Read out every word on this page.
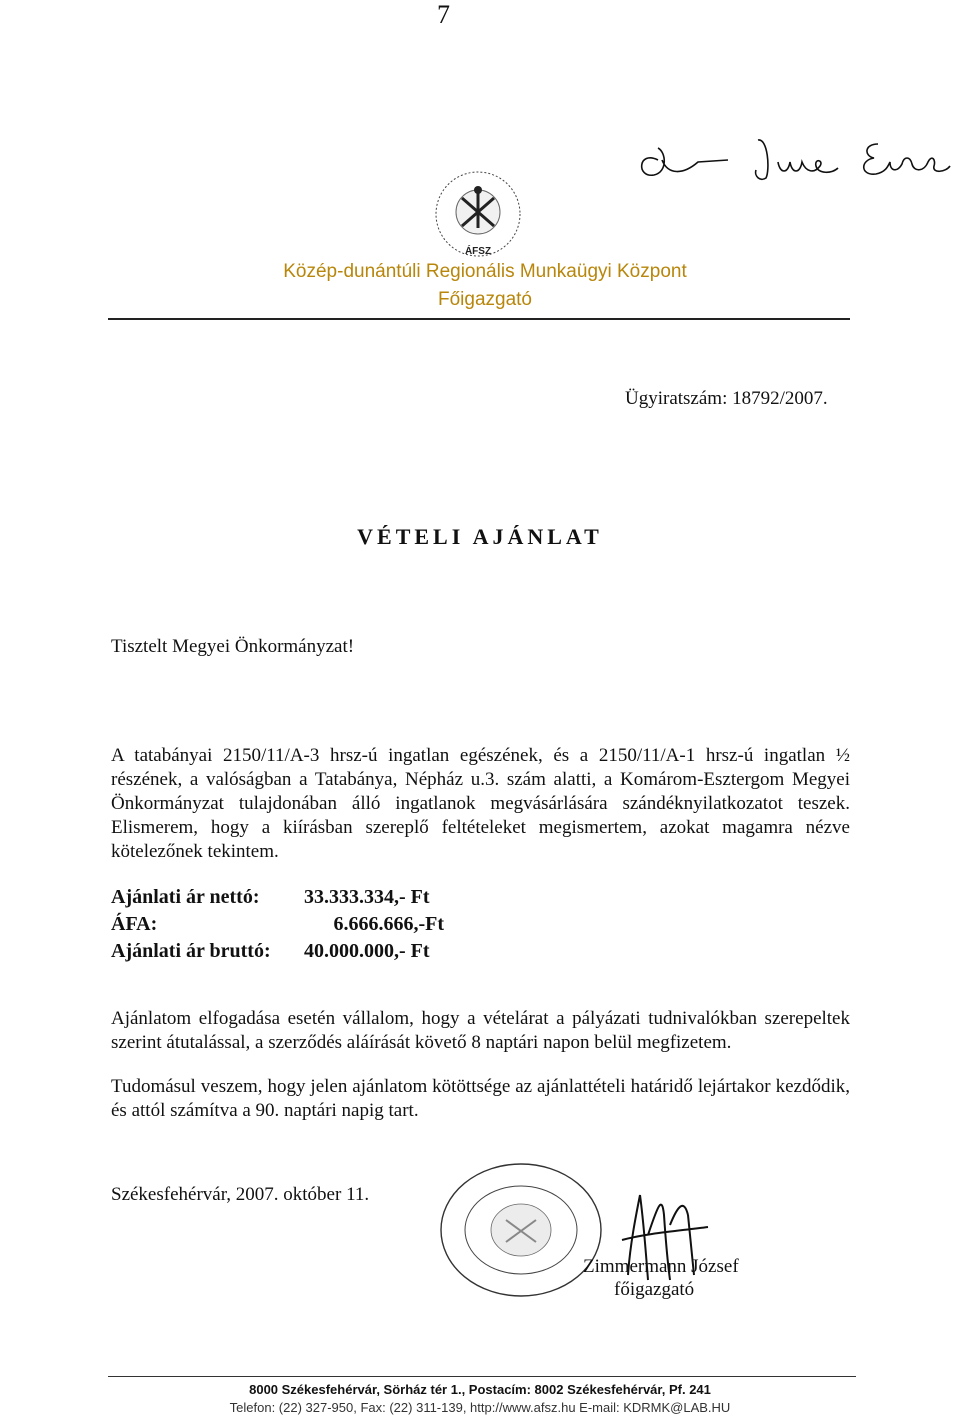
7
ÁFSZ
Közép-dunántúli Regionális Munkaügyi Központ
Főigazgató
Ügyiratszám: 18792/2007.
VÉTELI AJÁNLAT
Tisztelt Megyei Önkormányzat!
A tatabányai 2150/11/A-3 hrsz-ú ingatlan egészének, és a 2150/11/A-1 hrsz-ú ingatlan ½ részének, a valóságban a Tatabánya, Népház u.3. szám alatti, a Komárom-Esztergom Megyei Önkormányzat tulajdonában álló ingatlanok megvásárlására szándéknyilatkozatot teszek. Elismerem, hogy a kiírásban szereplő feltételeket megismertem, azokat magamra nézve kötelezőnek tekintem.
Ajánlati ár nettó: 33.333.334,- Ft
ÁFA:	6.666.666,-Ft
Ajánlati ár bruttó: 40.000.000,- Ft
Ajánlatom elfogadása esetén vállalom, hogy a vételárat a pályázati tudnivalókban szerepeltek szerint átutalással, a szerződés aláírását követő 8 naptári napon belül megfizetem.
Tudomásul veszem, hogy jelen ajánlatom kötöttsége az ajánlattételi határidő lejártakor kezdődik, és attól számítva a 90. naptári napig tart.
Székesfehérvár, 2007. október 11.
Zimmermann József
főigazgató
8000 Székesfehérvár, Sörház tér 1., Postacím: 8002 Székesfehérvár, Pf. 241
Telefon: (22) 327-950, Fax: (22) 311-139, http://www.afsz.hu E-mail: KDRMK@LAB.HU
